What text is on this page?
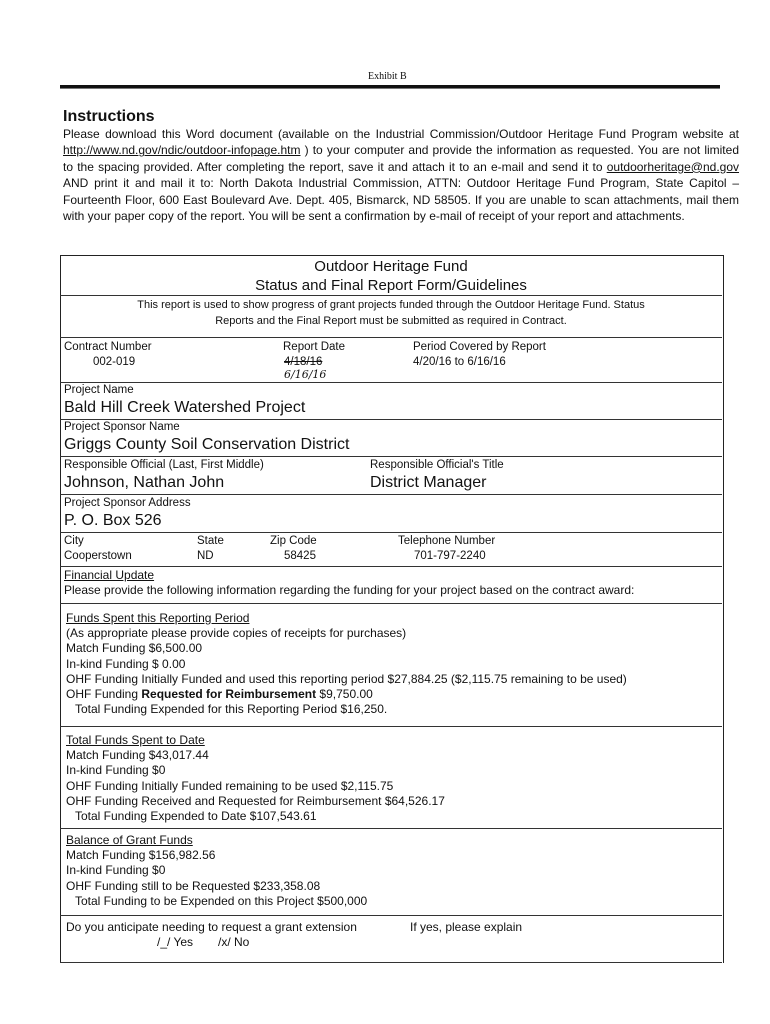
Exhibit B
Instructions
Please download this Word document (available on the Industrial Commission/Outdoor Heritage Fund Program website at http://www.nd.gov/ndic/outdoor-infopage.htm ) to your computer and provide the information as requested. You are not limited to the spacing provided. After completing the report, save it and attach it to an e-mail and send it to outdoorheritage@nd.gov AND print it and mail it to: North Dakota Industrial Commission, ATTN: Outdoor Heritage Fund Program, State Capitol – Fourteenth Floor, 600 East Boulevard Ave. Dept. 405, Bismarck, ND 58505. If you are unable to scan attachments, mail them with your paper copy of the report. You will be sent a confirmation by e-mail of receipt of your report and attachments.
Outdoor Heritage Fund
Status and Final Report Form/Guidelines
This report is used to show progress of grant projects funded through the Outdoor Heritage Fund. Status
Reports and the Final Report must be submitted as required in Contract.
Contract Number
002-019
Report Date
4/18/16
6/16/16
Period Covered by Report
4/20/16 to 6/16/16
Project Name
Bald Hill Creek Watershed Project
Project Sponsor Name
Griggs County Soil Conservation District
Responsible Official (Last, First Middle)
Johnson, Nathan John
Responsible Official's Title
District Manager
Project Sponsor Address
P. O. Box 526
City
Cooperstown
State
ND
Zip Code
58425
Telephone Number
701-797-2240
Financial Update
Please provide the following information regarding the funding for your project based on the contract award:
Funds Spent this Reporting Period
(As appropriate please provide copies of receipts for purchases)
Match Funding $6,500.00
In-kind Funding $ 0.00
OHF Funding Initially Funded and used this reporting period $27,884.25 ($2,115.75 remaining to be used)
OHF Funding Requested for Reimbursement $9,750.00
Total Funding Expended for this Reporting Period $16,250.
Total Funds Spent to Date
Match Funding $43,017.44
In-kind Funding $0
OHF Funding Initially Funded remaining to be used $2,115.75
OHF Funding Received and Requested for Reimbursement $64,526.17
Total Funding Expended to Date $107,543.61
Balance of Grant Funds
Match Funding $156,982.56
In-kind Funding $0
OHF Funding still to be Requested $233,358.08
Total Funding to be Expended on this Project $500,000
Do you anticipate needing to request a grant extension	If yes, please explain
/_/ Yes /x/ No
